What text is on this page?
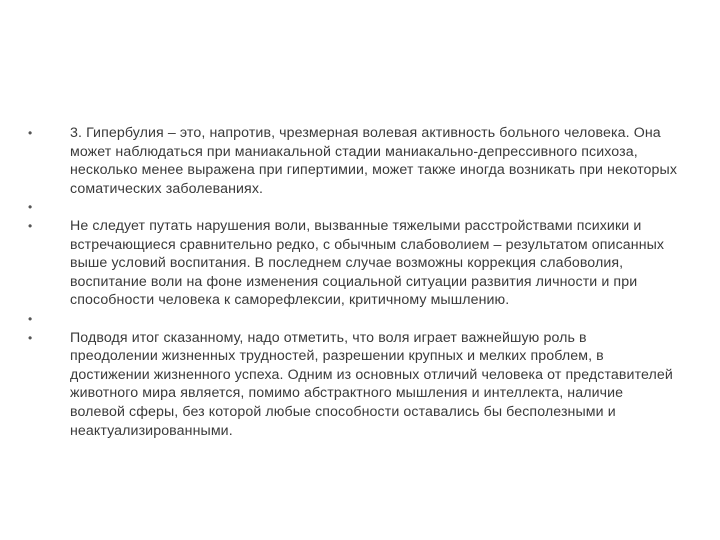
•	3. Гипербулия – это, напротив, чрезмерная волевая активность больного человека. Она может наблюдаться при маниакальной стадии маниакально-депрессивного психоза, несколько менее выражена при гипертимии, может также иногда возникать при некоторых соматических заболеваниях.
•
•	Не следует путать нарушения воли, вызванные тяжелыми расстройствами психики и встречающиеся сравнительно редко, с обычным слабоволием – результатом описанных выше условий воспитания. В последнем случае возможны коррекция слабоволия, воспитание воли на фоне изменения социальной ситуации развития личности и при способности человека к саморефлексии, критичному мышлению.
•
•	Подводя итог сказанному, надо отметить, что воля играет важнейшую роль в преодолении жизненных трудностей, разрешении крупных и мелких проблем, в достижении жизненного успеха. Одним из основных отличий человека от представителей животного мира является, помимо абстрактного мышления и интеллекта, наличие волевой сферы, без которой любые способности оставались бы бесполезными и неактуализированными.
